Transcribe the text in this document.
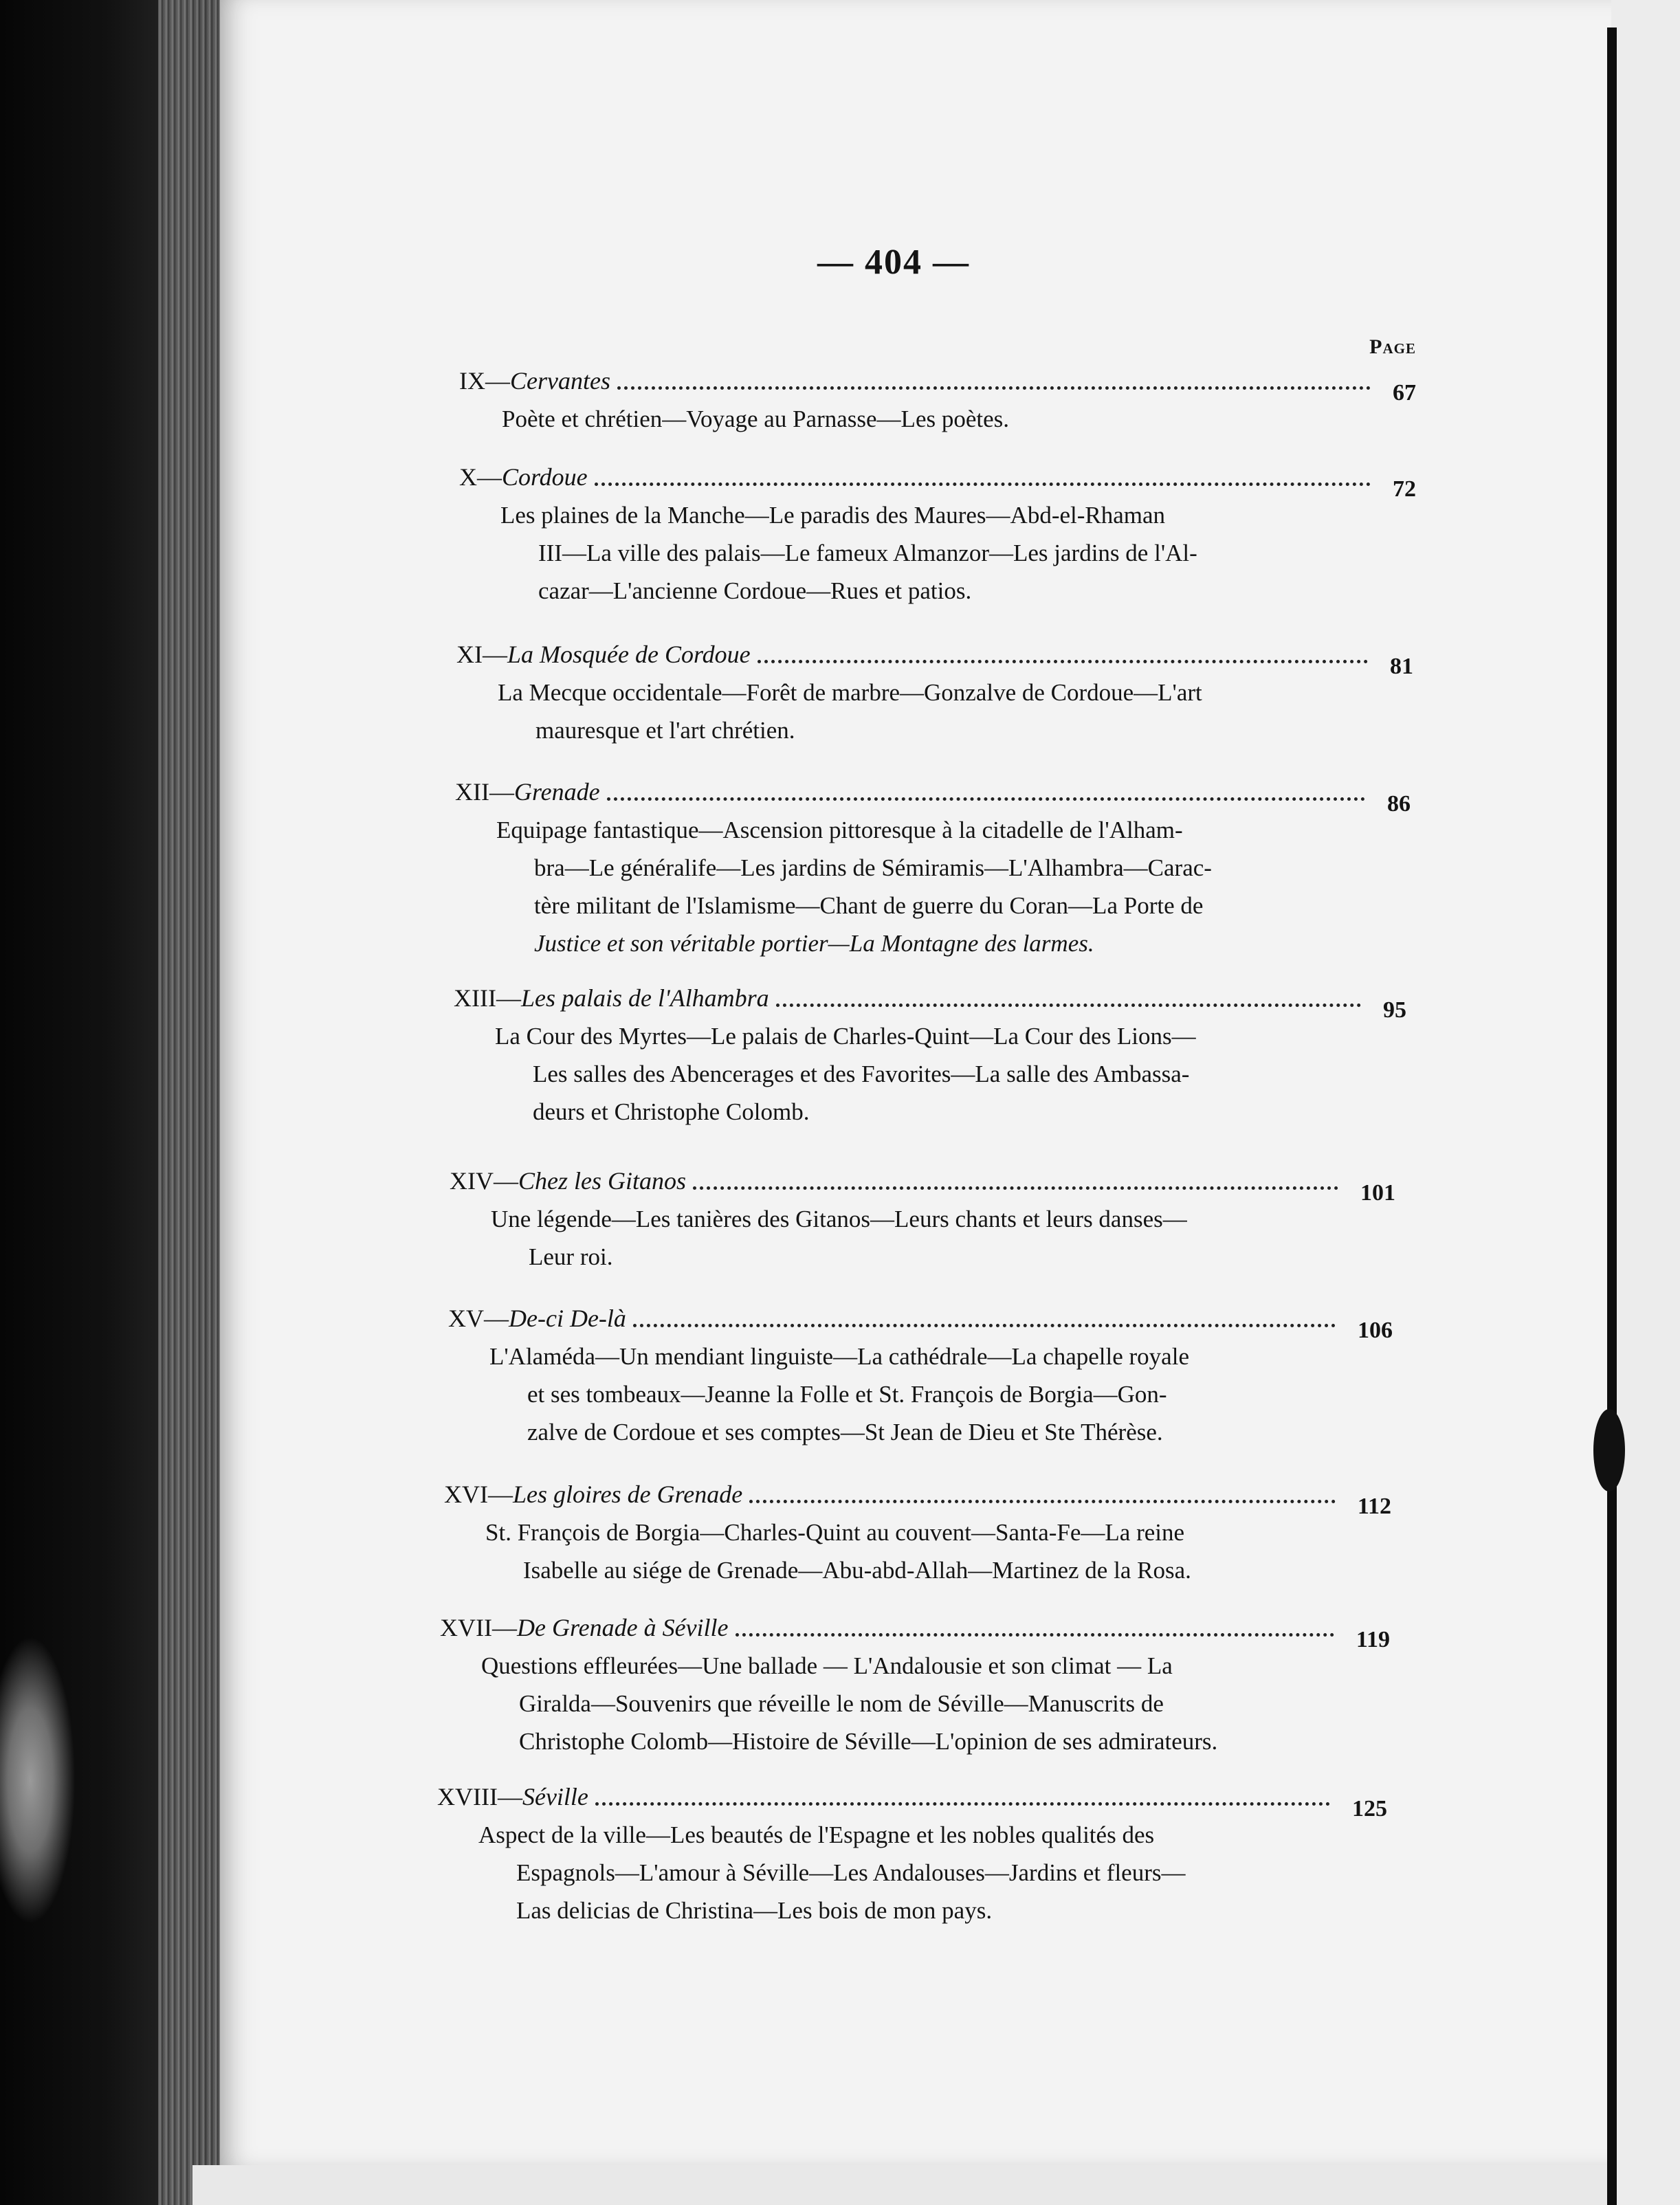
— 404 —
Page
IX— Cervantes	67
Poète et chrétien—Voyage au Parnasse—Les poètes.
X— Cordoue	72
Les plaines de la Manche—Le paradis des Maures—Abd-el-Rhaman
III—La ville des palais—Le fameux Almanzor—Les jardins de l'Al-
cazar—L'ancienne Cordoue—Rues et patios.
XI— La Mosquée de Cordoue	81
La Mecque occidentale—Forêt de marbre—Gonzalve de Cordoue—L'art
mauresque et l'art chrétien.
XII— Grenade	86
Equipage fantastique—Ascension pittoresque à la citadelle de l'Alham-
bra—Le généralife—Les jardins de Sémiramis—L'Alhambra—Carac-
tère militant de l'Islamisme—Chant de guerre du Coran—La Porte de
Justice et son véritable portier—La Montagne des larmes.
XIII— Les palais de l'Alhambra	95
La Cour des Myrtes—Le palais de Charles-Quint—La Cour des Lions—
Les salles des Abencerages et des Favorites—La salle des Ambassa-
deurs et Christophe Colomb.
XIV— Chez les Gitanos	101
Une légende—Les tanières des Gitanos—Leurs chants et leurs danses—
Leur roi.
XV— De-ci De-là	106
L'Alaméda—Un mendiant linguiste—La cathédrale—La chapelle royale
et ses tombeaux—Jeanne la Folle et St. François de Borgia—Gon-
zalve de Cordoue et ses comptes—St Jean de Dieu et Ste Thérèse.
XVI— Les gloires de Grenade	112
St. François de Borgia—Charles-Quint au couvent—Santa-Fe—La reine
Isabelle au siége de Grenade—Abu-abd-Allah—Martinez de la Rosa.
XVII— De Grenade à Séville	119
Questions effleurées—Une ballade — L'Andalousie et son climat — La
Giralda—Souvenirs que réveille le nom de Séville—Manuscrits de
Christophe Colomb—Histoire de Séville—L'opinion de ses admirateurs.
XVIII— Séville	125
Aspect de la ville—Les beautés de l'Espagne et les nobles qualités des
Espagnols—L'amour à Séville—Les Andalouses—Jardins et fleurs—
Las delicias de Christina—Les bois de mon pays.
